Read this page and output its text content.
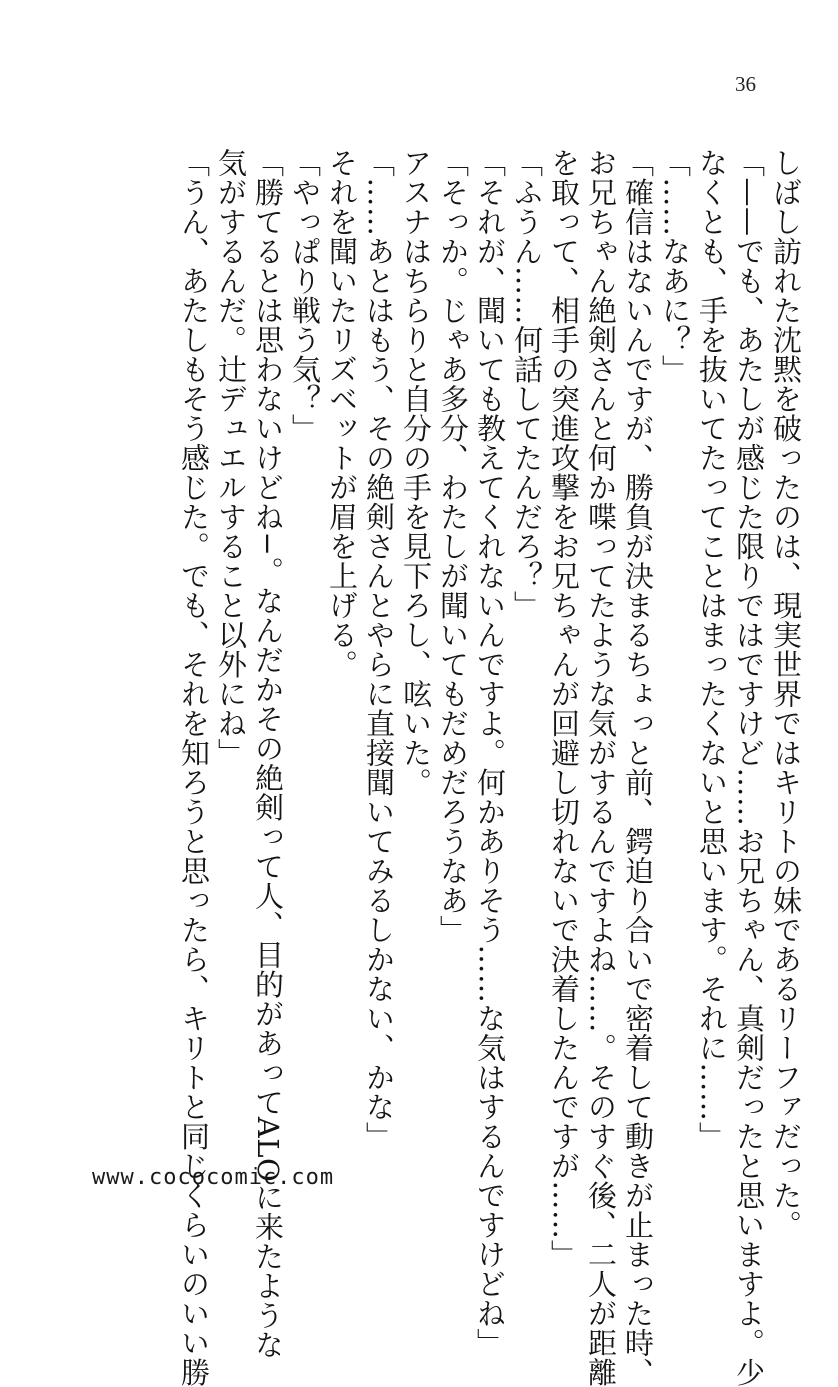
36
しばし訪れた沈黙を破ったのは、現実世界ではキリトの妹であるリーファだった。
「——でも、あたしが感じた限りではですけど……お兄ちゃん、真剣だったと思いますよ。少
なくとも、手を抜いてたってことはまったくないと思います。それに……」
「……なあに？」
「確信はないんですが、勝負が決まるちょっと前、鍔迫り合いで密着して動きが止まった時、
お兄ちゃん絶剣さんと何か喋ってたような気がするんですよね……。そのすぐ後、二人が距離
を取って、相手の突進攻撃をお兄ちゃんが回避し切れないで決着したんですが……」
「ふうん……何話してたんだろ？」
「それが、聞いても教えてくれないんですよ。何かありそう……な気はするんですけどね」
「そっか。じゃあ多分、わたしが聞いてもだめだろうなあ」
アスナはちらりと自分の手を見下ろし、呟いた。
「……あとはもう、その絶剣さんとやらに直接聞いてみるしかない、かな」
それを聞いたリズベットが眉を上げる。
「やっぱり戦う気？」
「勝てるとは思わないけどね−。なんだかその絶剣って人、目的があってALOに来たような
気がするんだ。辻デュエルすること以外にね」
「うん、あたしもそう感じた。でも、それを知ろうと思ったら、キリトと同じくらいのいい勝
www.cococomic.com
